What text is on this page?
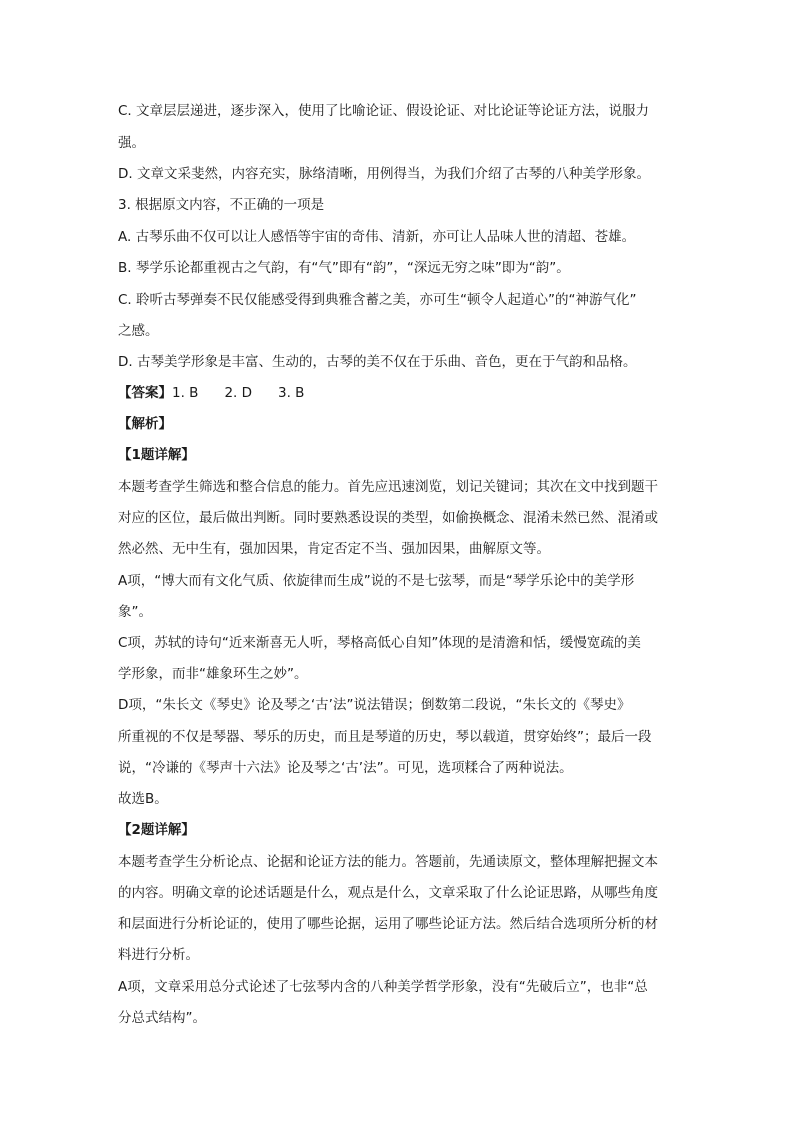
C. 文章层层递进，逐步深入，使用了比喻论证、假设论证、对比论证等论证方法，说服力
强。
D. 文章文采斐然，内容充实，脉络清晰，用例得当，为我们介绍了古琴的八种美学形象。
3. 根据原文内容，不正确的一项是
A. 古琴乐曲不仅可以让人感悟等宇宙的奇伟、清新，亦可让人品味人世的清超、苍雄。
B. 琴学乐论都重视古之气韵，有“气”即有“韵”，“深远无穷之味”即为“韵”。
C. 聆听古琴弹奏不民仅能感受得到典雅含蓄之美，亦可生“顿令人起道心”的“神游气化”
之感。
D. 古琴美学形象是丰富、生动的，古琴的美不仅在于乐曲、音色，更在于气韵和品格。
【答案】1. B 2. D 3. B
【解析】
【1题详解】
本题考查学生筛选和整合信息的能力。首先应迅速浏览，划记关键词；其次在文中找到题干
对应的区位，最后做出判断。同时要熟悉设误的类型，如偷换概念、混淆未然已然、混淆或
然必然、无中生有，强加因果，肯定否定不当、强加因果，曲解原文等。
A项，“博大而有文化气质、依旋律而生成”说的不是七弦琴，而是“琴学乐论中的美学形
象”。
C项，苏轼的诗句“近来渐喜无人听，琴格高低心自知”体现的是清澹和恬，缓慢宽疏的美
学形象，而非“雄象环生之妙”。
D项，“朱长文《琴史》论及琴之‘古’法”说法错误；倒数第二段说，“朱长文的《琴史》
所重视的不仅是琴器、琴乐的历史，而且是琴道的历史，琴以载道，贯穿始终”；最后一段
说，“冷谦的《琴声十六法》论及琴之‘古’法”。可见，选项糅合了两种说法。
故选B。
【2题详解】
本题考查学生分析论点、论据和论证方法的能力。答题前，先通读原文，整体理解把握文本
的内容。明确文章的论述话题是什么，观点是什么，文章采取了什么论证思路，从哪些角度
和层面进行分析论证的，使用了哪些论据，运用了哪些论证方法。然后结合选项所分析的材
料进行分析。
A项，文章采用总分式论述了七弦琴内含的八种美学哲学形象，没有“先破后立”，也非“总
分总式结构”。
